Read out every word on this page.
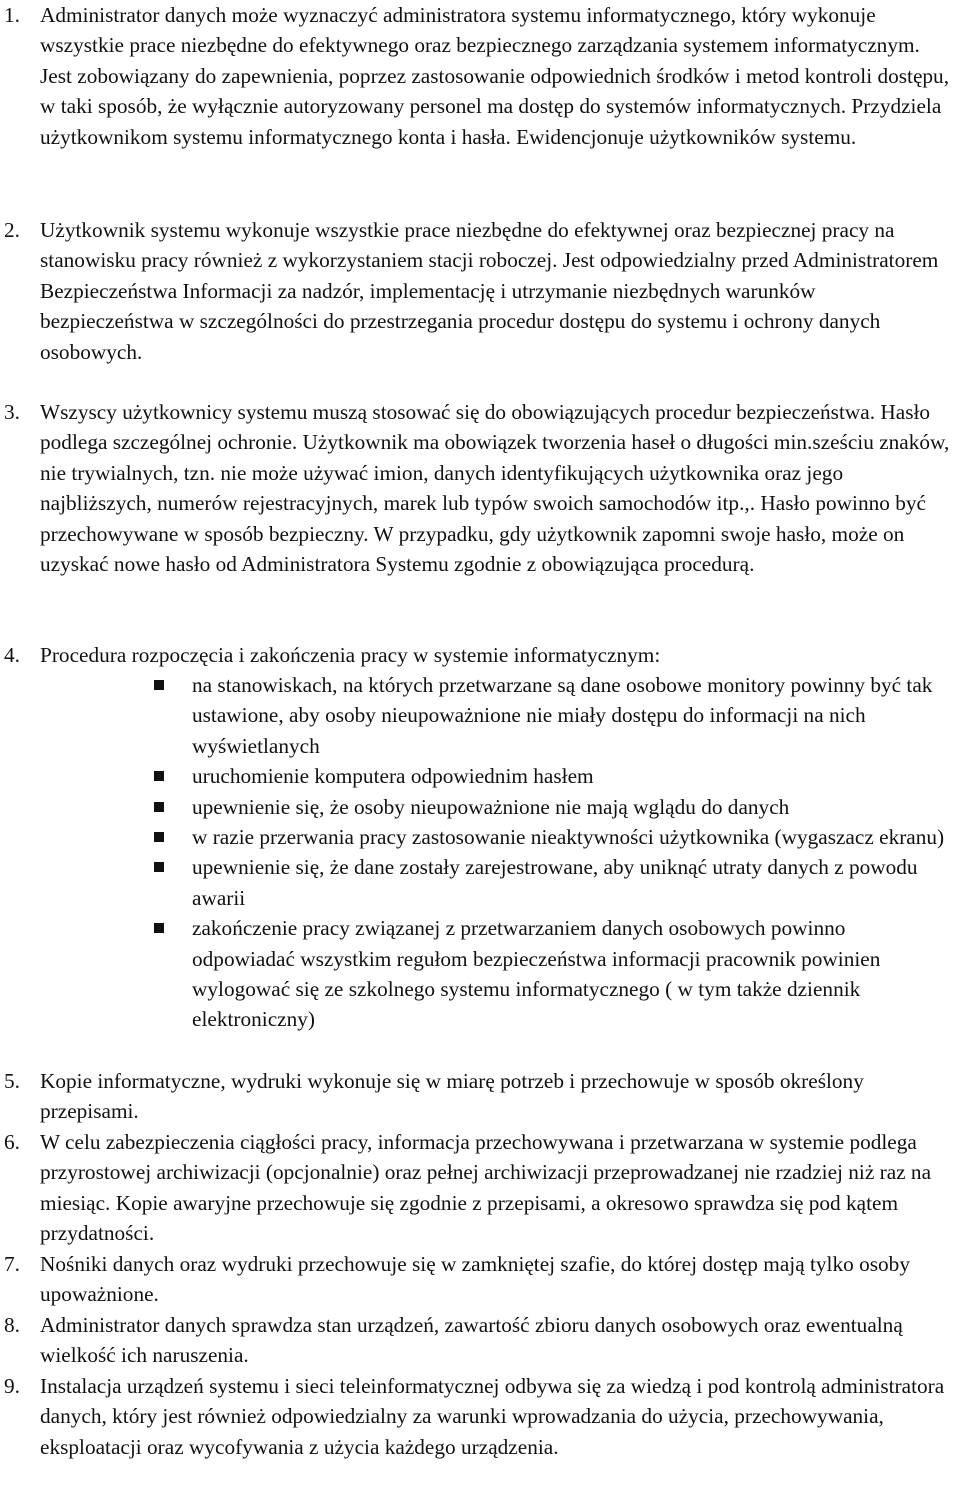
1. Administrator danych może wyznaczyć administratora systemu informatycznego, który wykonuje wszystkie prace niezbędne do efektywnego oraz bezpiecznego zarządzania systemem informatycznym. Jest zobowiązany do zapewnienia, poprzez zastosowanie odpowiednich środków i metod kontroli dostępu, w taki sposób, że wyłącznie autoryzowany personel ma dostęp do systemów informatycznych. Przydziela użytkownikom systemu informatycznego konta i hasła. Ewidencjonuje użytkowników systemu.
2. Użytkownik systemu wykonuje wszystkie prace niezbędne do efektywnej oraz bezpiecznej pracy na stanowisku pracy również z wykorzystaniem stacji roboczej. Jest odpowiedzialny przed Administratorem Bezpieczeństwa Informacji za nadzór, implementację i utrzymanie niezbędnych warunków bezpieczeństwa w szczególności do przestrzegania procedur dostępu do systemu i ochrony danych osobowych.
3. Wszyscy użytkownicy systemu muszą stosować się do obowiązujących procedur bezpieczeństwa. Hasło podlega szczególnej ochronie. Użytkownik ma obowiązek tworzenia haseł o długości min.sześciu znaków, nie trywialnych, tzn. nie może używać imion, danych identyfikujących użytkownika oraz jego najbliższych, numerów rejestracyjnych, marek lub typów swoich samochodów itp.,. Hasło powinno być przechowywane w sposób bezpieczny. W przypadku, gdy użytkownik zapomni swoje hasło, może on uzyskać nowe hasło od Administratora Systemu zgodnie z obowiązująca procedurą.
4. Procedura rozpoczęcia i zakończenia pracy w systemie informatycznym:
na stanowiskach, na których przetwarzane są dane osobowe monitory powinny być tak ustawione, aby osoby nieupoważnione nie miały dostępu do informacji na nich wyświetlanych
uruchomienie komputera odpowiednim hasłem
upewnienie się, że osoby nieupoważnione nie mają wglądu do danych
w razie przerwania pracy zastosowanie nieaktywności użytkownika (wygaszacz ekranu)
upewnienie się, że dane zostały zarejestrowane, aby uniknąć utraty danych z powodu awarii
zakończenie pracy związanej z przetwarzaniem danych osobowych powinno odpowiadać wszystkim regułom bezpieczeństwa informacji pracownik powinien wylogować się ze szkolnego systemu informatycznego ( w tym także dziennik elektroniczny)
5. Kopie informatyczne, wydruki wykonuje się w miarę potrzeb i przechowuje w sposób określony przepisami.
6. W celu zabezpieczenia ciągłości pracy, informacja przechowywana i przetwarzana w systemie podlega przyrostowej archiwizacji (opcjonalnie) oraz pełnej archiwizacji przeprowadzanej nie rzadziej niż raz na miesiąc. Kopie awaryjne przechowuje się zgodnie z przepisami, a okresowo sprawdza się pod kątem przydatności.
7. Nośniki danych oraz wydruki przechowuje się w zamkniętej szafie, do której dostęp mają tylko osoby upoważnione.
8. Administrator danych sprawdza stan urządzeń, zawartość zbioru danych osobowych oraz ewentualną wielkość ich naruszenia.
9. Instalacja urządzeń systemu i sieci teleinformatycznej odbywa się za wiedzą i pod kontrolą administratora danych, który jest również odpowiedzialny za warunki wprowadzania do użycia, przechowywania, eksploatacji oraz wycofywania z użycia każdego urządzenia.
